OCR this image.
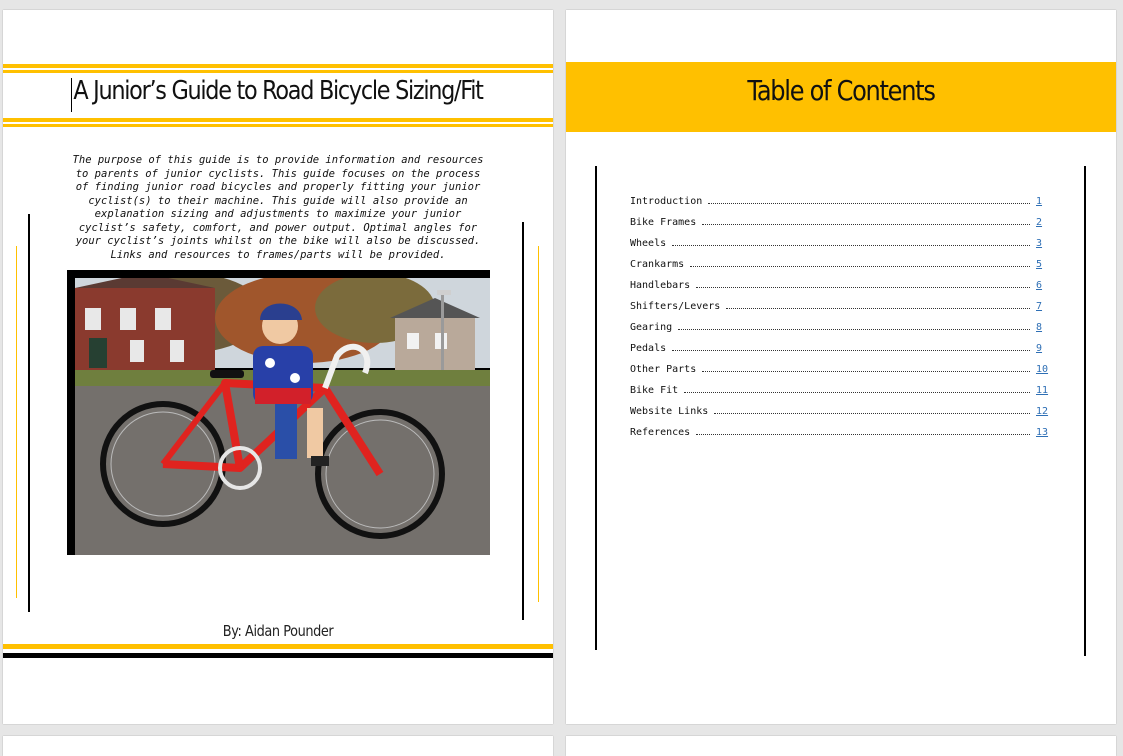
A Junior’s Guide to Road Bicycle Sizing/Fit
The purpose of this guide is to provide information and resources to parents of junior cyclists. This guide focuses on the process of finding junior road bicycles and properly fitting your junior cyclist(s) to their machine. This guide will also provide an explanation sizing and adjustments to maximize your junior cyclist’s safety, comfort, and power output. Optimal angles for your cyclist’s joints whilst on the bike will also be discussed. Links and resources to frames/parts will be provided.
By: Aidan Pounder
Table of Contents
Introduction	1
Bike Frames	2
Wheels	3
Crankarms	5
Handlebars	6
Shifters/Levers	7
Gearing	8
Pedals	9
Other Parts	10
Bike Fit	11
Website Links	12
References	13
